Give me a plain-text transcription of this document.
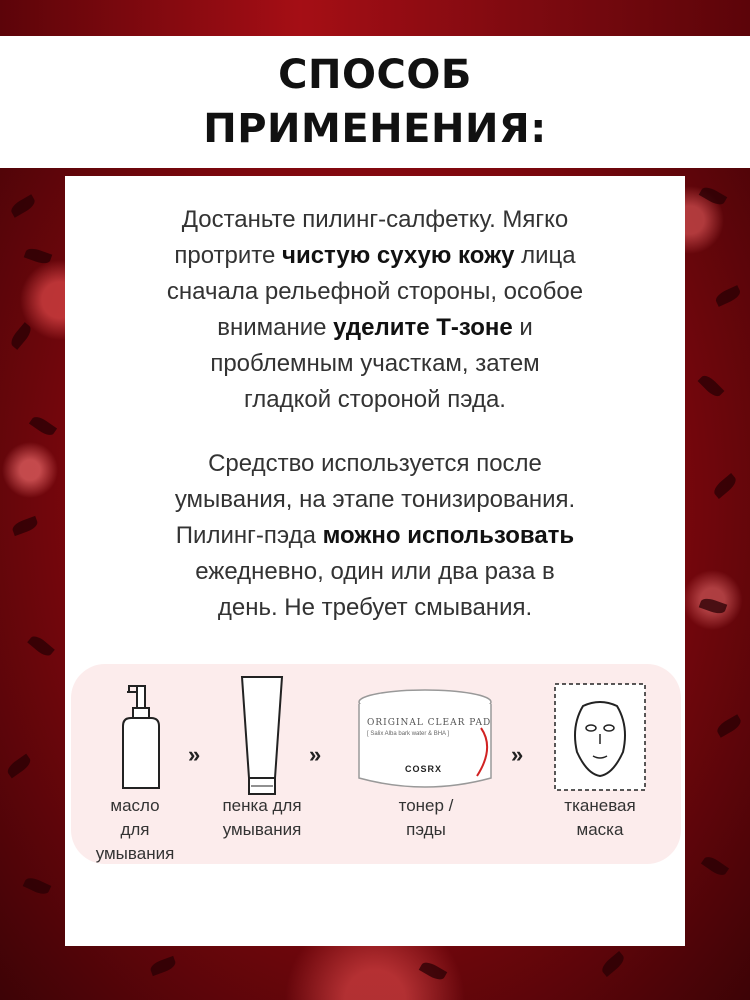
СПОСОБ
ПРИМЕНЕНИЯ:
Достаньте пилинг-салфетку. Мягко
протрите чистую сухую кожу лица
сначала рельефной стороны, особое
внимание уделите Т-зоне и
проблемным участкам, затем
гладкой стороной пэда.
Средство используется после
умывания, на этапе тонизирования.
Пилинг-пэда можно использовать
ежедневно, один или два раза в
день. Не требует смывания.
масло
для
умывания
»
пенка для
умывания
»
ORIGINAL CLEAR PAD
[ Salix Alba bark water & BHA ]
COSRX
тонер /
пэды
»
тканевая
маска
